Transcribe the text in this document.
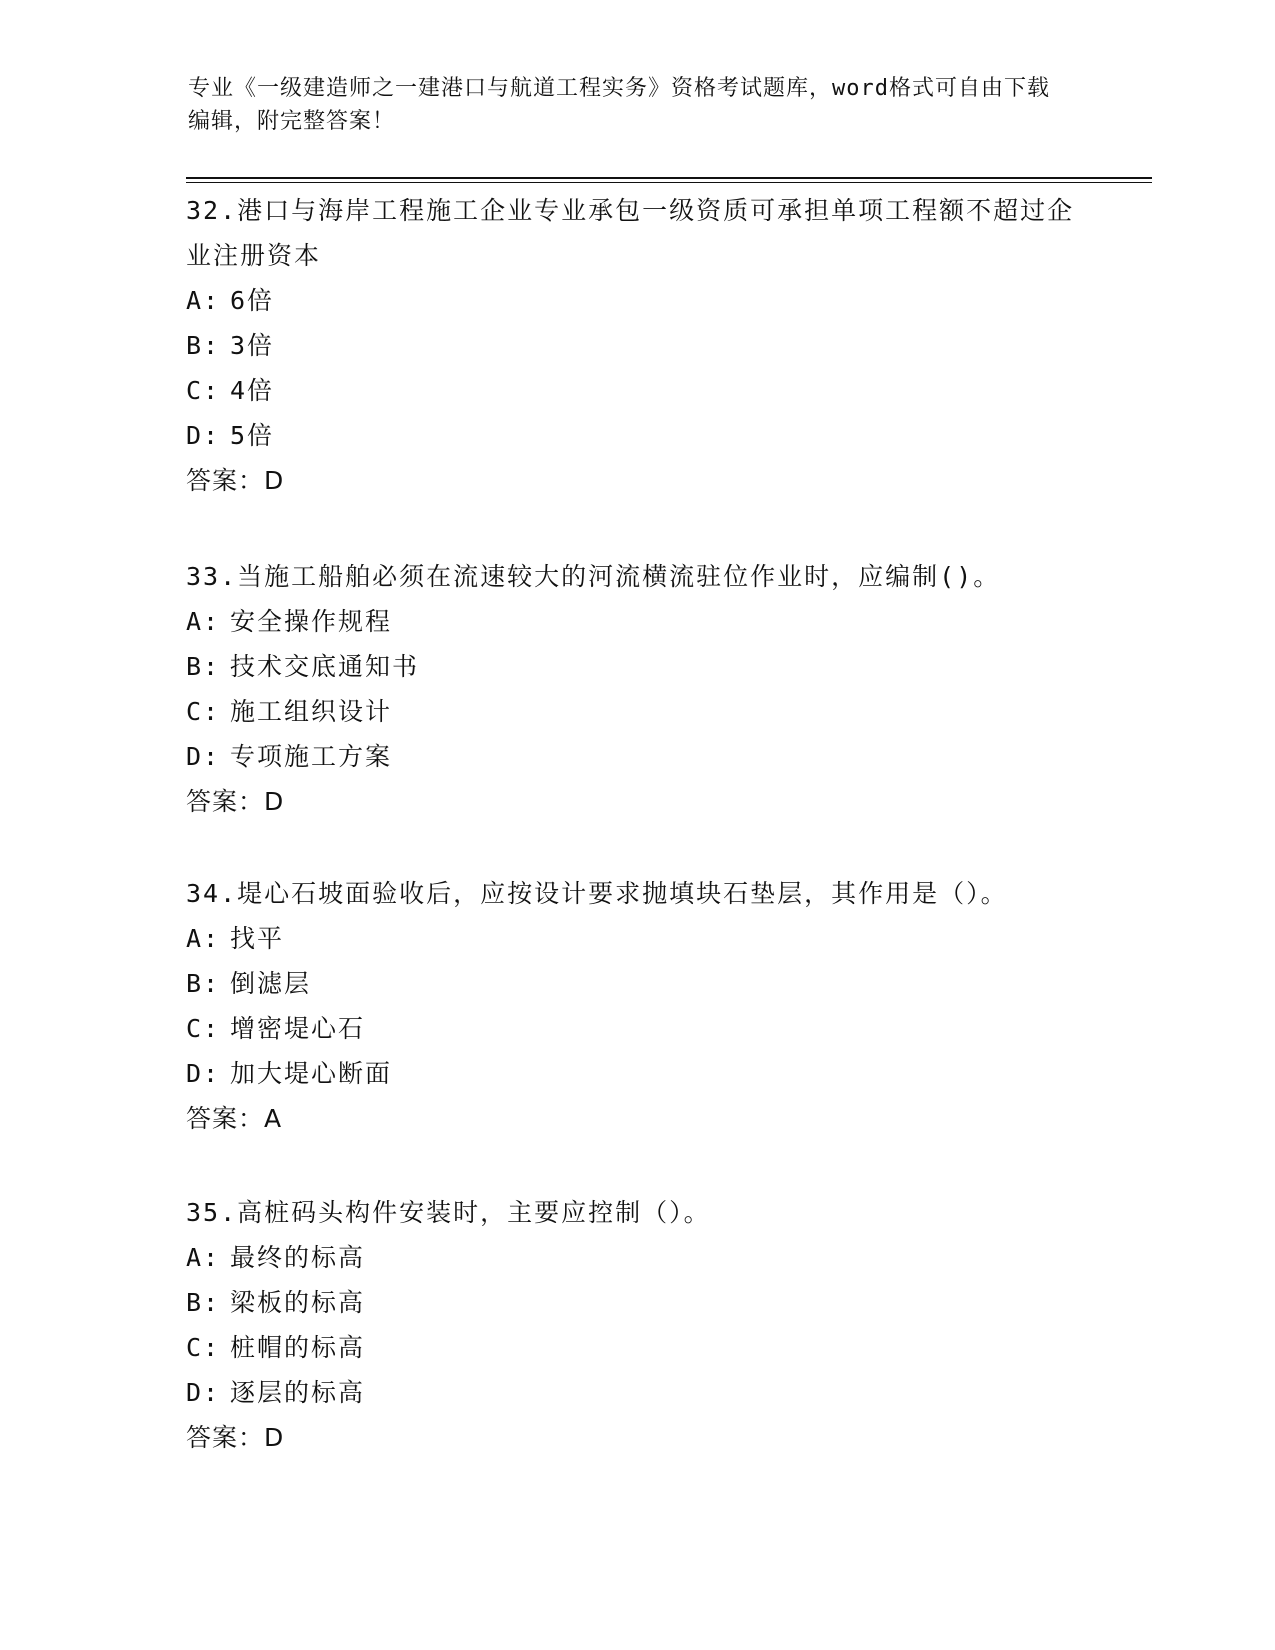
专业《一级建造师之一建港口与航道工程实务》资格考试题库，word格式可自由下载编辑，附完整答案！

32.港口与海岸工程施工企业专业承包一级资质可承担单项工程额不超过企业注册资本

A: 6倍

B: 3倍

C: 4倍

D: 5倍

答案：D

33.当施工船舶必须在流速较大的河流横流驻位作业时，应编制()。

A: 安全操作规程

B: 技术交底通知书

C: 施工组织设计

D: 专项施工方案

答案：D

34.堤心石坡面验收后，应按设计要求抛填块石垫层，其作用是（）。

A: 找平

B: 倒滤层

C: 增密堤心石

D: 加大堤心断面

答案：A

35.高桩码头构件安装时，主要应控制（）。

A: 最终的标高

B: 梁板的标高

C: 桩帽的标高

D: 逐层的标高

答案：D
